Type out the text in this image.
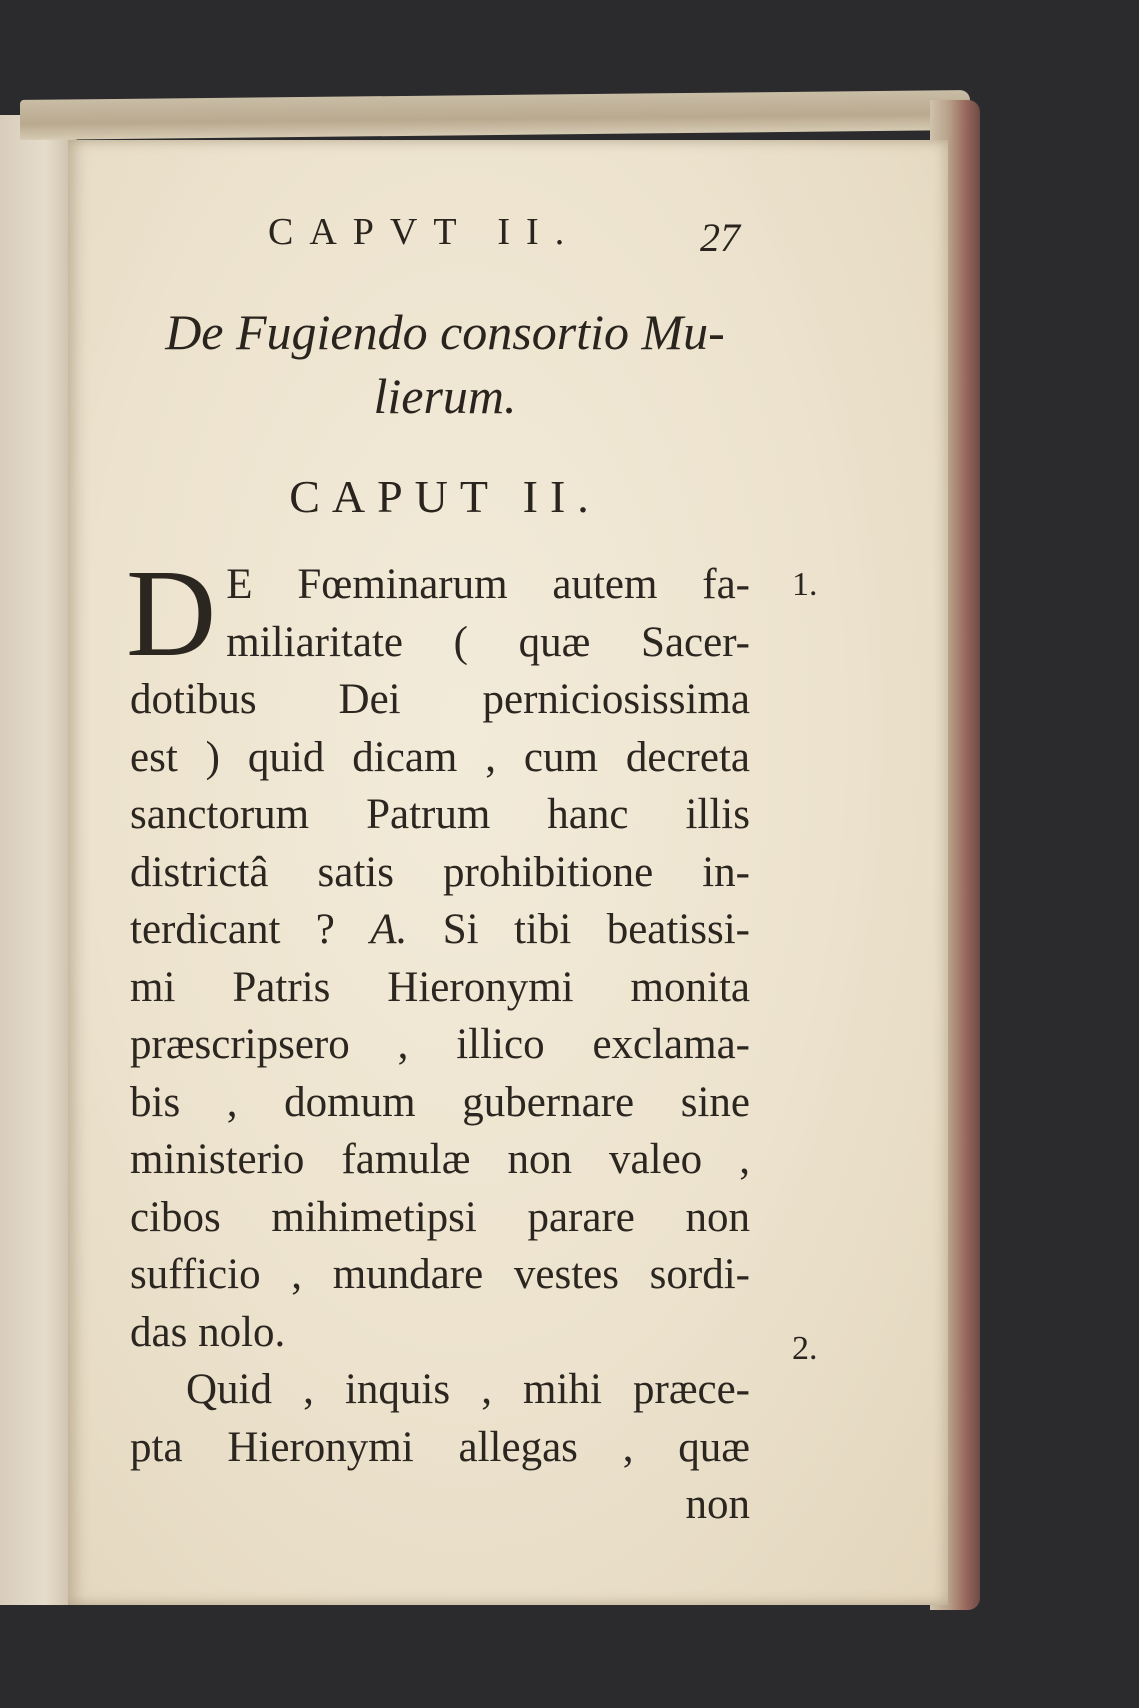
CAPVT II.	27
De Fugiendo consortio Mu-
lierum.
CAPUT II.
D E Fœminarum autem fa-
miliaritate ( quæ Sacer-
dotibus Dei perniciosissima
est ) quid dicam , cum decreta
sanctorum Patrum hanc illis
districtâ satis prohibitione in-
terdicant ? A. Si tibi beatissi-
mi Patris Hieronymi monita
præscripsero , illico exclama-
bis , domum gubernare sine
ministerio famulæ non valeo ,
cibos mihimetipsi parare non
sufficio , mundare vestes sordi-
das nolo.
Quid , inquis , mihi præce-
pta Hieronymi allegas , quæ
non
1.
2.
